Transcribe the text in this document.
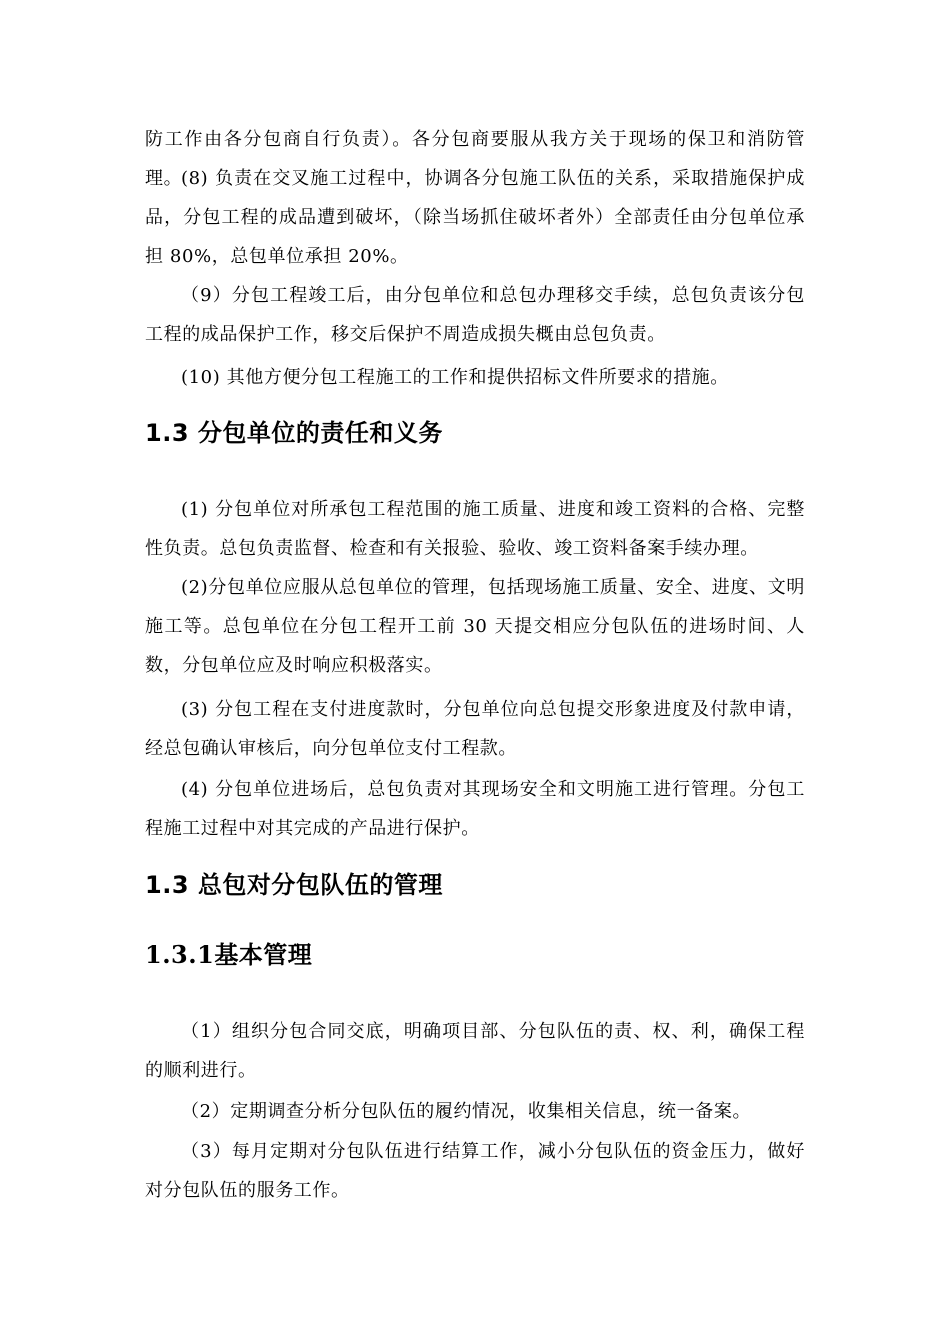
防工作由各分包商自行负责）。各分包商要服从我方关于现场的保卫和消防管理。

(8) 负责在交叉施工过程中，协调各分包施工队伍的关系，采取措施保护成品，分包工程的成品遭到破坏，（除当场抓住破坏者外）全部责任由分包单位承担 80%，总包单位承担 20%。

（9）分包工程竣工后，由分包单位和总包办理移交手续，总包负责该分包工程的成品保护工作，移交后保护不周造成损失概由总包负责。

(10) 其他方便分包工程施工的工作和提供招标文件所要求的措施。

1.3 分包单位的责任和义务

(1) 分包单位对所承包工程范围的施工质量、进度和竣工资料的合格、完整性负责。总包负责监督、检查和有关报验、验收、竣工资料备案手续办理。

(2)分包单位应服从总包单位的管理，包括现场施工质量、安全、进度、文明施工等。总包单位在分包工程开工前 30 天提交相应分包队伍的进场时间、人数，分包单位应及时响应积极落实。

(3) 分包工程在支付进度款时，分包单位向总包提交形象进度及付款申请，经总包确认审核后，向分包单位支付工程款。

(4) 分包单位进场后，总包负责对其现场安全和文明施工进行管理。分包工程施工过程中对其完成的产品进行保护。

1.3 总包对分包队伍的管理
1.3.1基本管理

（1）组织分包合同交底，明确项目部、分包队伍的责、权、利，确保工程的顺利进行。

（2）定期调查分析分包队伍的履约情况，收集相关信息，统一备案。

（3）每月定期对分包队伍进行结算工作，减小分包队伍的资金压力，做好对分包队伍的服务工作。
